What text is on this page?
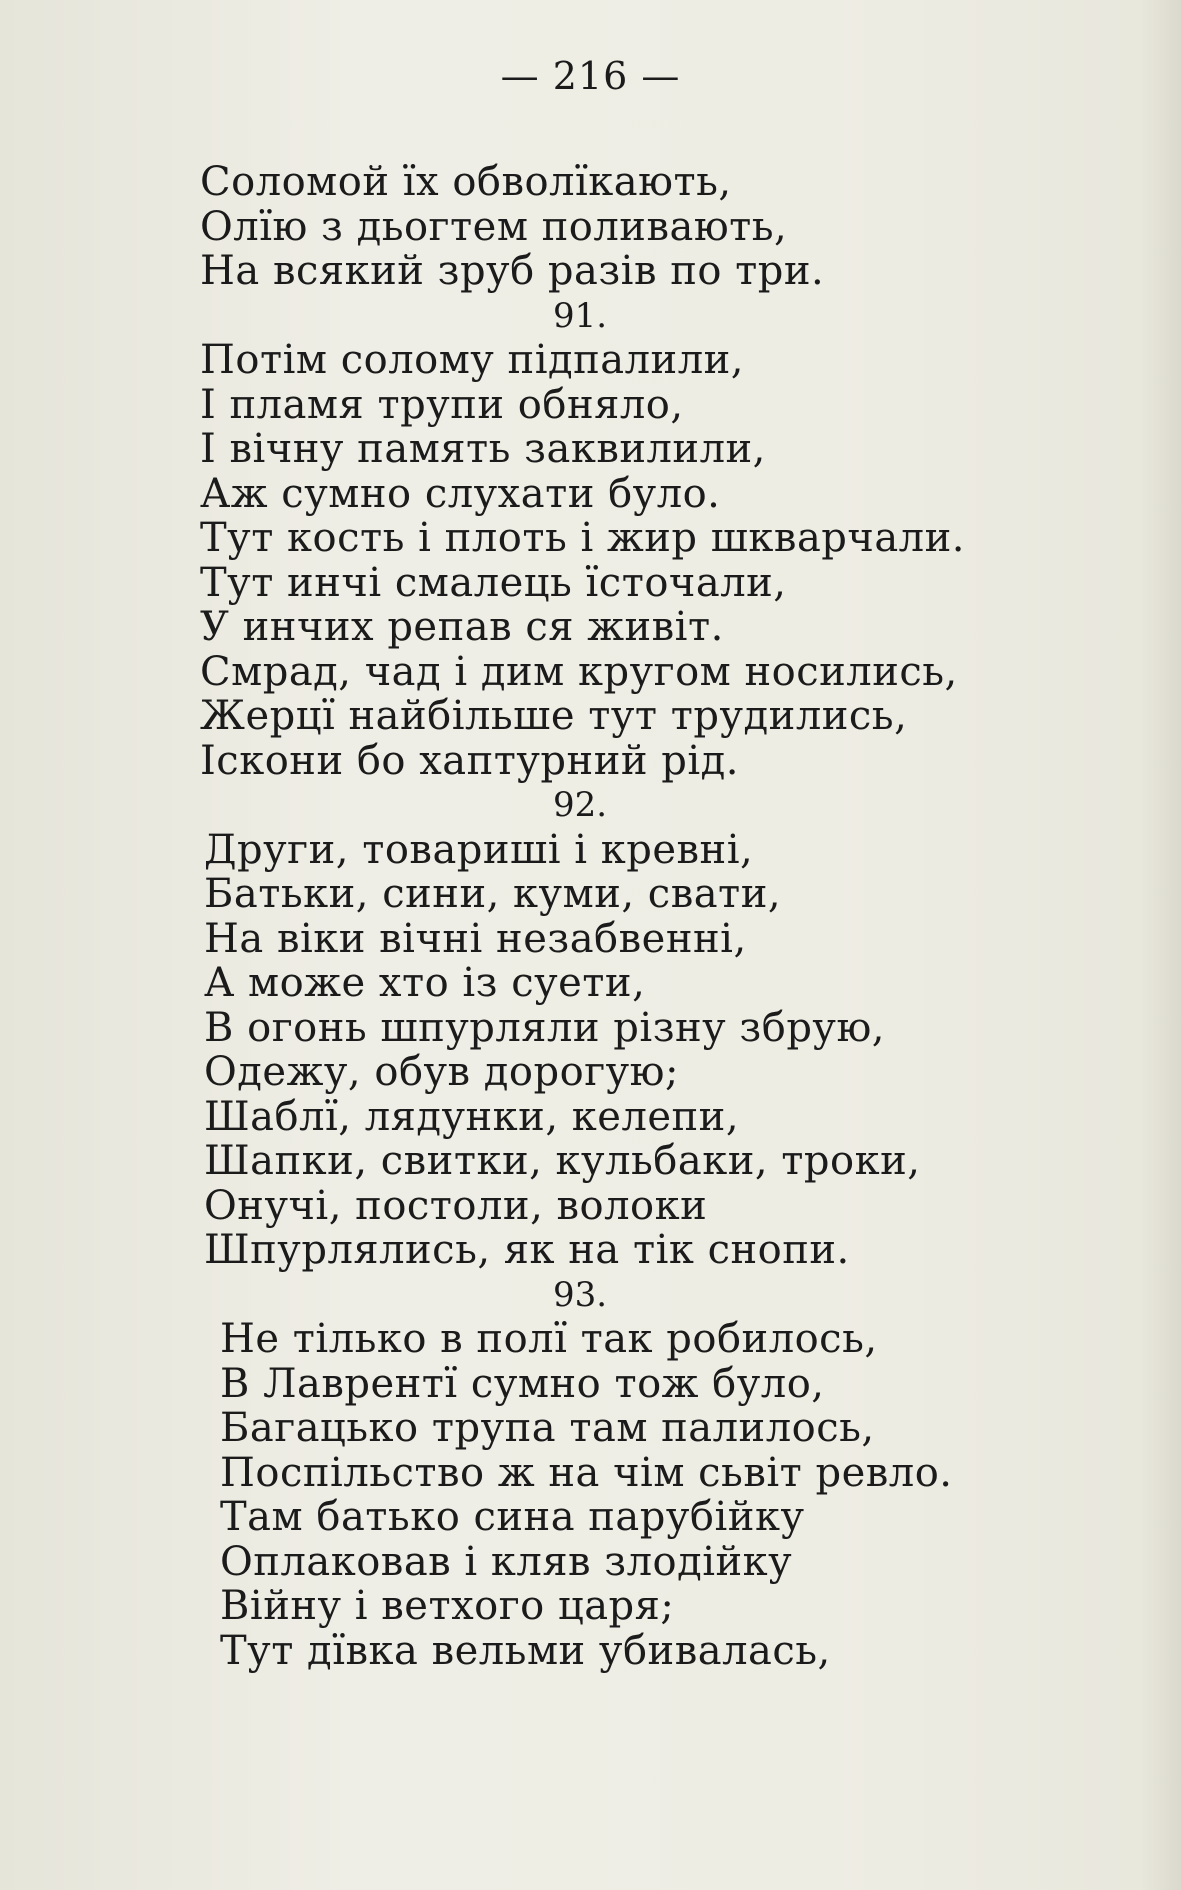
— 216 —
Соломой їх обволїкають,
Олїю з дьогтем поливають,
На всякий зруб разів по три.
91.
Потім солому підпалили,
І пламя трупи обняло,
І вічну память заквилили,
Аж сумно слухати було.
Тут кость і плоть і жир шкварчали.
Тут инчі смалець їсточали,
У инчих репав ся живіт.
Смрад, чад і дим кругом носились,
Жерцї найбільше тут трудились,
Іскони бо хаптурний рід.
92.
Други, товариші і кревні,
Батьки, сини, куми, свати,
На віки вічні незабвенні,
А може хто із суети,
В огонь шпурляли різну збрую,
Одежу, обув дорогую;
Шаблї, лядунки, келепи,
Шапки, свитки, кульбаки, троки,
Онучі, постоли, волоки
Шпурлялись, як на тік снопи.
93.
Не тілько в полї так робилось,
В Лаврентї сумно тож було,
Багацько трупа там палилось,
Поспільство ж на чім сьвіт ревло.
Там батько сина парубійку
Оплаковав і кляв злодійку
Війну і ветхого царя;
Тут дївка вельми убивалась,
